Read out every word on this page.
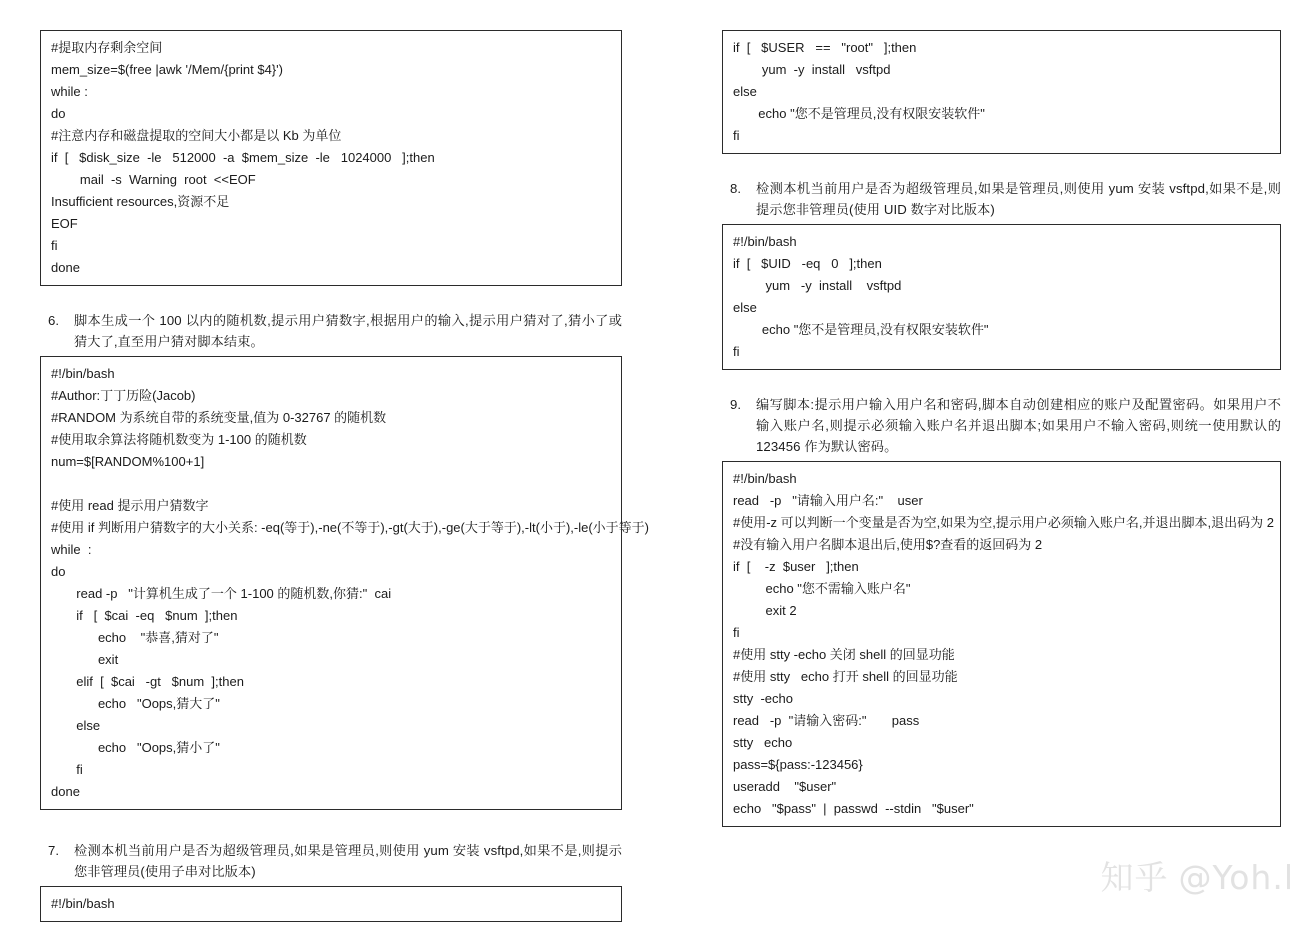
#提取内存剩余空间
mem_size=$(free |awk '/Mem/{print $4}')
while :
do
#注意内存和磁盘提取的空间大小都是以 Kb 为单位
if  [   $disk_size  -le   512000  -a  $mem_size  -le   1024000   ];then
mail  -s  Warning  root  <<EOF
Insufficient resources,资源不足
EOF
fi
done
6.	脚本生成一个 100 以内的随机数,提示用户猜数字,根据用户的输入,提示用户猜对了,猜小了或猜大了,直至用户猜对脚本结束。
#!/bin/bash
#Author:丁丁历险(Jacob)
#RANDOM 为系统自带的系统变量,值为 0-32767 的随机数
#使用取余算法将随机数变为 1-100 的随机数
num=$[RANDOM%100+1]

#使用 read 提示用户猜数字
#使用 if 判断用户猜数字的大小关系: -eq(等于),-ne(不等于),-gt(大于),-ge(大于等于),-lt(小于),-le(小于等于)
while  :
do
read -p   "计算机生成了一个 1-100 的随机数,你猜:"  cai
if   [  $cai  -eq   $num  ];then
echo    "恭喜,猜对了"
exit
elif  [  $cai   -gt   $num  ];then
echo   "Oops,猜大了"
else
echo   "Oops,猜小了"
fi
done
7.	检测本机当前用户是否为超级管理员,如果是管理员,则使用 yum 安装 vsftpd,如果不是,则提示您非管理员(使用子串对比版本)
#!/bin/bash
if  [   $USER   ==   "root"   ];then
yum  -y  install   vsftpd
else
echo "您不是管理员,没有权限安装软件"
fi
8.	检测本机当前用户是否为超级管理员,如果是管理员,则使用 yum 安装 vsftpd,如果不是,则提示您非管理员(使用 UID 数字对比版本)
#!/bin/bash
if  [   $UID   -eq   0   ];then
yum   -y  install    vsftpd
else
echo "您不是管理员,没有权限安装软件"
fi
9.	编写脚本:提示用户输入用户名和密码,脚本自动创建相应的账户及配置密码。如果用户不输入账户名,则提示必须输入账户名并退出脚本;如果用户不输入密码,则统一使用默认的 123456 作为默认密码。
#!/bin/bash
read   -p   "请输入用户名:"    user
#使用-z 可以判断一个变量是否为空,如果为空,提示用户必须输入账户名,并退出脚本,退出码为 2
#没有输入用户名脚本退出后,使用$?查看的返回码为 2
if  [    -z  $user   ];then
echo "您不需输入账户名"
exit 2
fi
#使用 stty -echo 关闭 shell 的回显功能
#使用 stty   echo 打开 shell 的回显功能
stty  -echo
read   -p  "请输入密码:"       pass
stty   echo
pass=${pass:-123456}
useradd    "$user"
echo   "$pass"  |  passwd  --stdin   "$user"
知乎 @Yoh.l
